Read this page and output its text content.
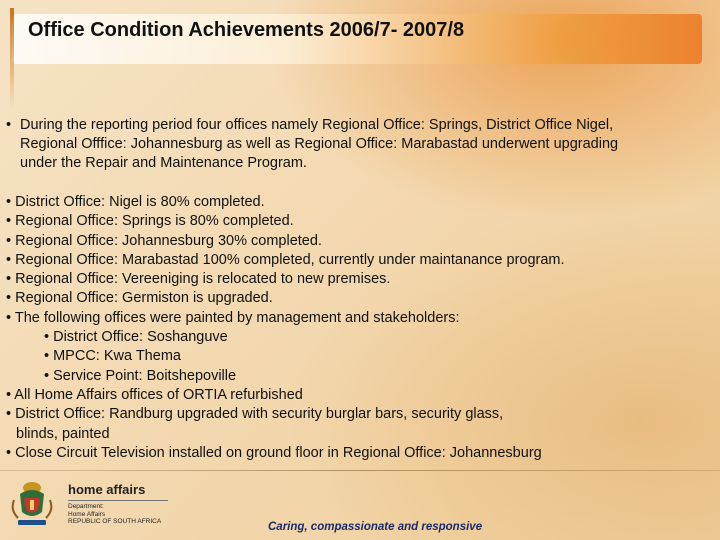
Office Condition Achievements 2006/7- 2007/8
• During the reporting period four offices namely Regional Office: Springs, District Office Nigel,
Regional Offfice: Johannesburg as well as Regional Office: Marabastad underwent upgrading
under the Repair and Maintenance Program.
• District Office: Nigel is 80% completed.
• Regional Office: Springs is 80% completed.
• Regional Office: Johannesburg 30% completed.
• Regional Office: Marabastad 100% completed, currently under maintanance program.
• Regional Office: Vereeniging is relocated to new premises.
• Regional Office: Germiston is upgraded.
• The following offices were painted by management and stakeholders:
• District Office: Soshanguve
• MPCC: Kwa Thema
• Service Point: Boitshepoville
• All Home Affairs offices of ORTIA refurbished
• District Office: Randburg upgraded with security burglar bars, security glass,
blinds, painted
• Close Circuit Television installed on ground floor in Regional Office: Johannesburg
home affairs
Department:
Home Affairs
REPUBLIC OF SOUTH AFRICA	Caring, compassionate and responsive
